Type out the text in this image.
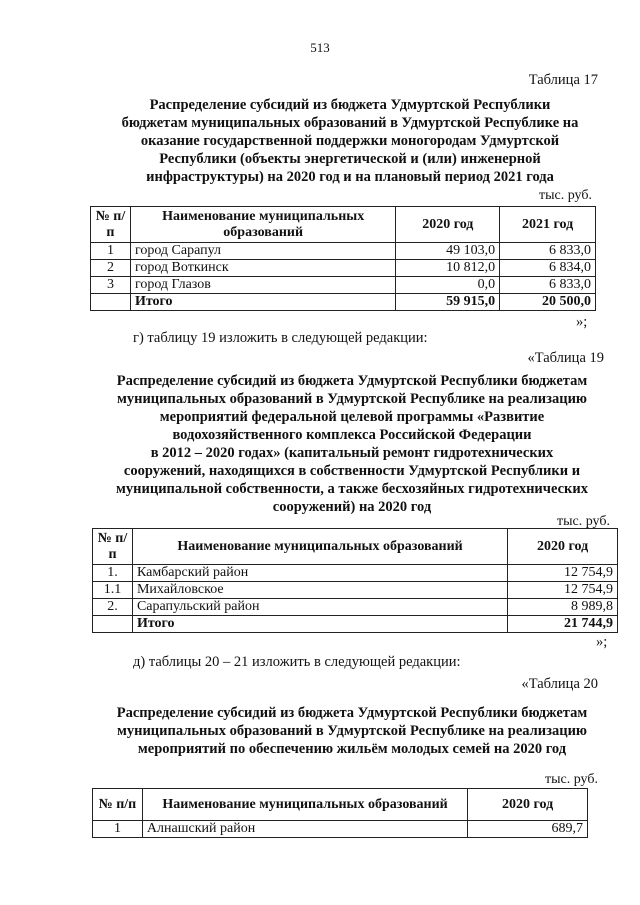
513
Таблица 17

Распределение субсидий из бюджета Удмуртской Республики

бюджетам муниципальных образований в Удмуртской Республике на

оказание государственной поддержки моногородам Удмуртской

Республики (объекты энергетической и (или) инженерной

инфраструктуры) на 2020 год и на плановый период 2021 года

тыс. руб.
№ п/п	Наименование муниципальных образований	2020 год	2021 год
1	город Сарапул	49 103,0	6 833,0
2	город Воткинск	10 812,0	6 834,0
3	город Глазов	0,0	6 833,0
	Итого	59 915,0	20 500,0
»;
г) таблицу 19 изложить в следующей редакции:
«Таблица 19

Распределение субсидий из бюджета Удмуртской Республики бюджетам

муниципальных образований в Удмуртской Республике на реализацию

мероприятий федеральной целевой программы «Развитие

водохозяйственного комплекса Российской Федерации

в 2012 – 2020 годах» (капитальный ремонт гидротехнических

сооружений, находящихся в собственности Удмуртской Республики и

муниципальной собственности, а также бесхозяйных гидротехнических

сооружений) на 2020 год

тыс. руб.
№ п/п	Наименование муниципальных образований	2020 год
1.	Камбарский район	12 754,9
1.1	Михайловское	12 754,9
2.	Сарапульский район	8 989,8
	Итого	21 744,9
»;
д) таблицы 20 – 21 изложить в следующей редакции:
«Таблица 20

Распределение субсидий из бюджета Удмуртской Республики бюджетам

муниципальных образований в Удмуртской Республике на реализацию

мероприятий по обеспечению жильём молодых семей на 2020 год

тыс. руб.
№ п/п	Наименование муниципальных образований	2020 год
1	Алнашский район	689,7
